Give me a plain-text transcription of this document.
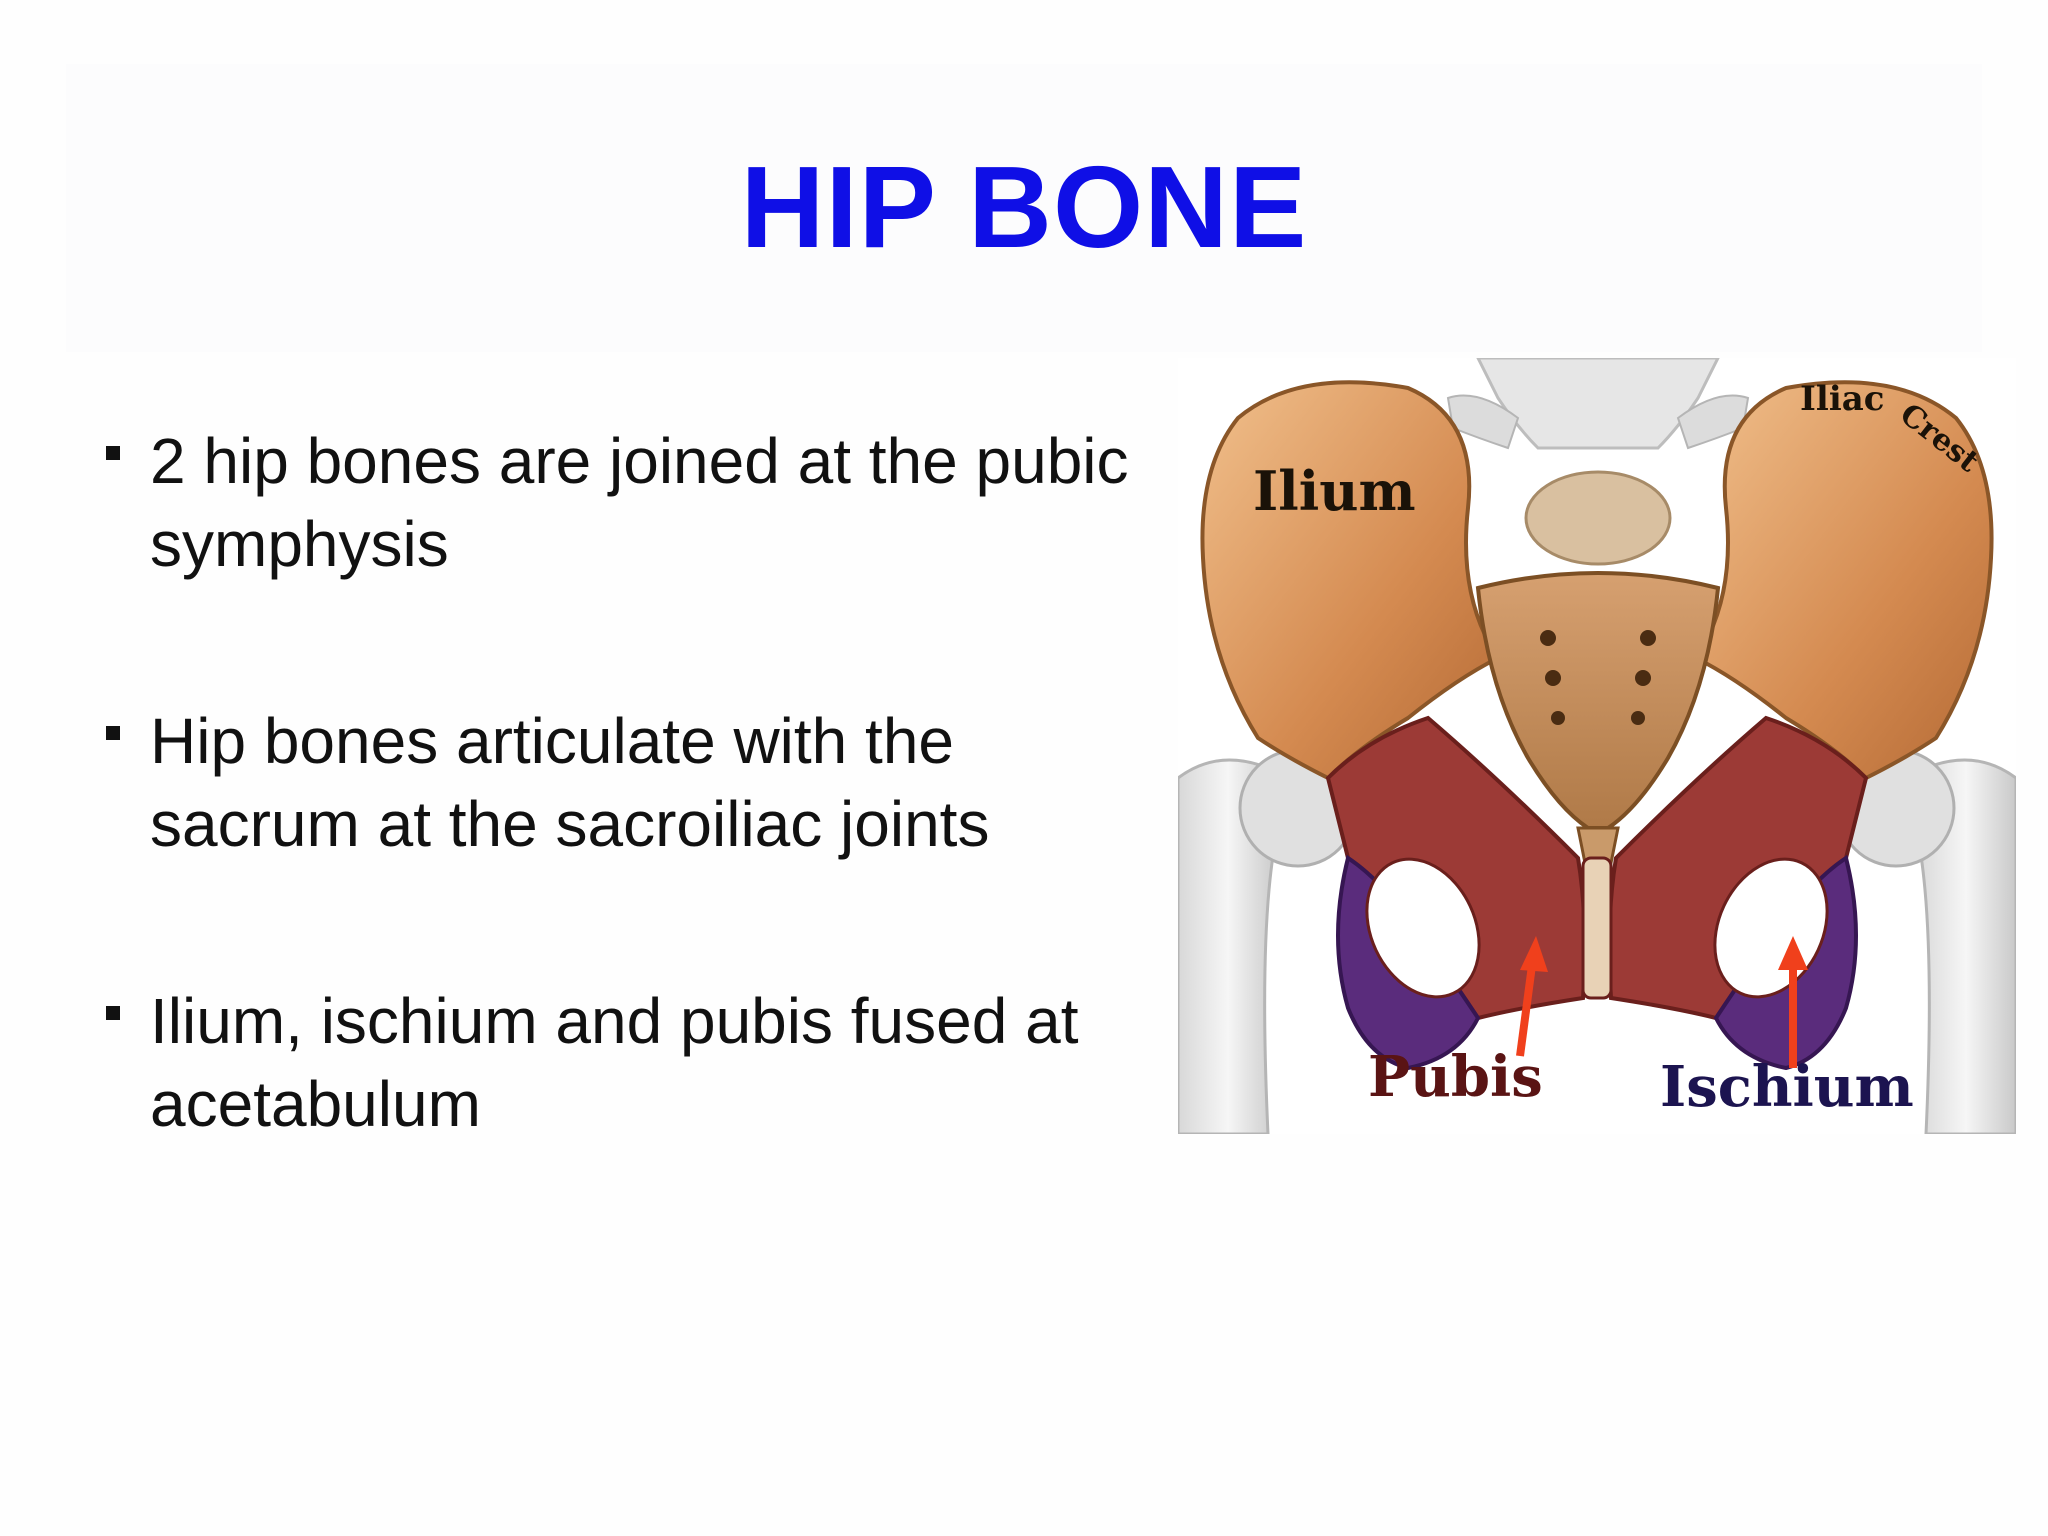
HIP BONE
2 hip bones are joined at the pubic symphysis
Hip bones articulate with the sacrum at the sacroiliac joints
Ilium, ischium and pubis fused at acetabulum
Ilium
Iliac Crest
Pubis Ischium
